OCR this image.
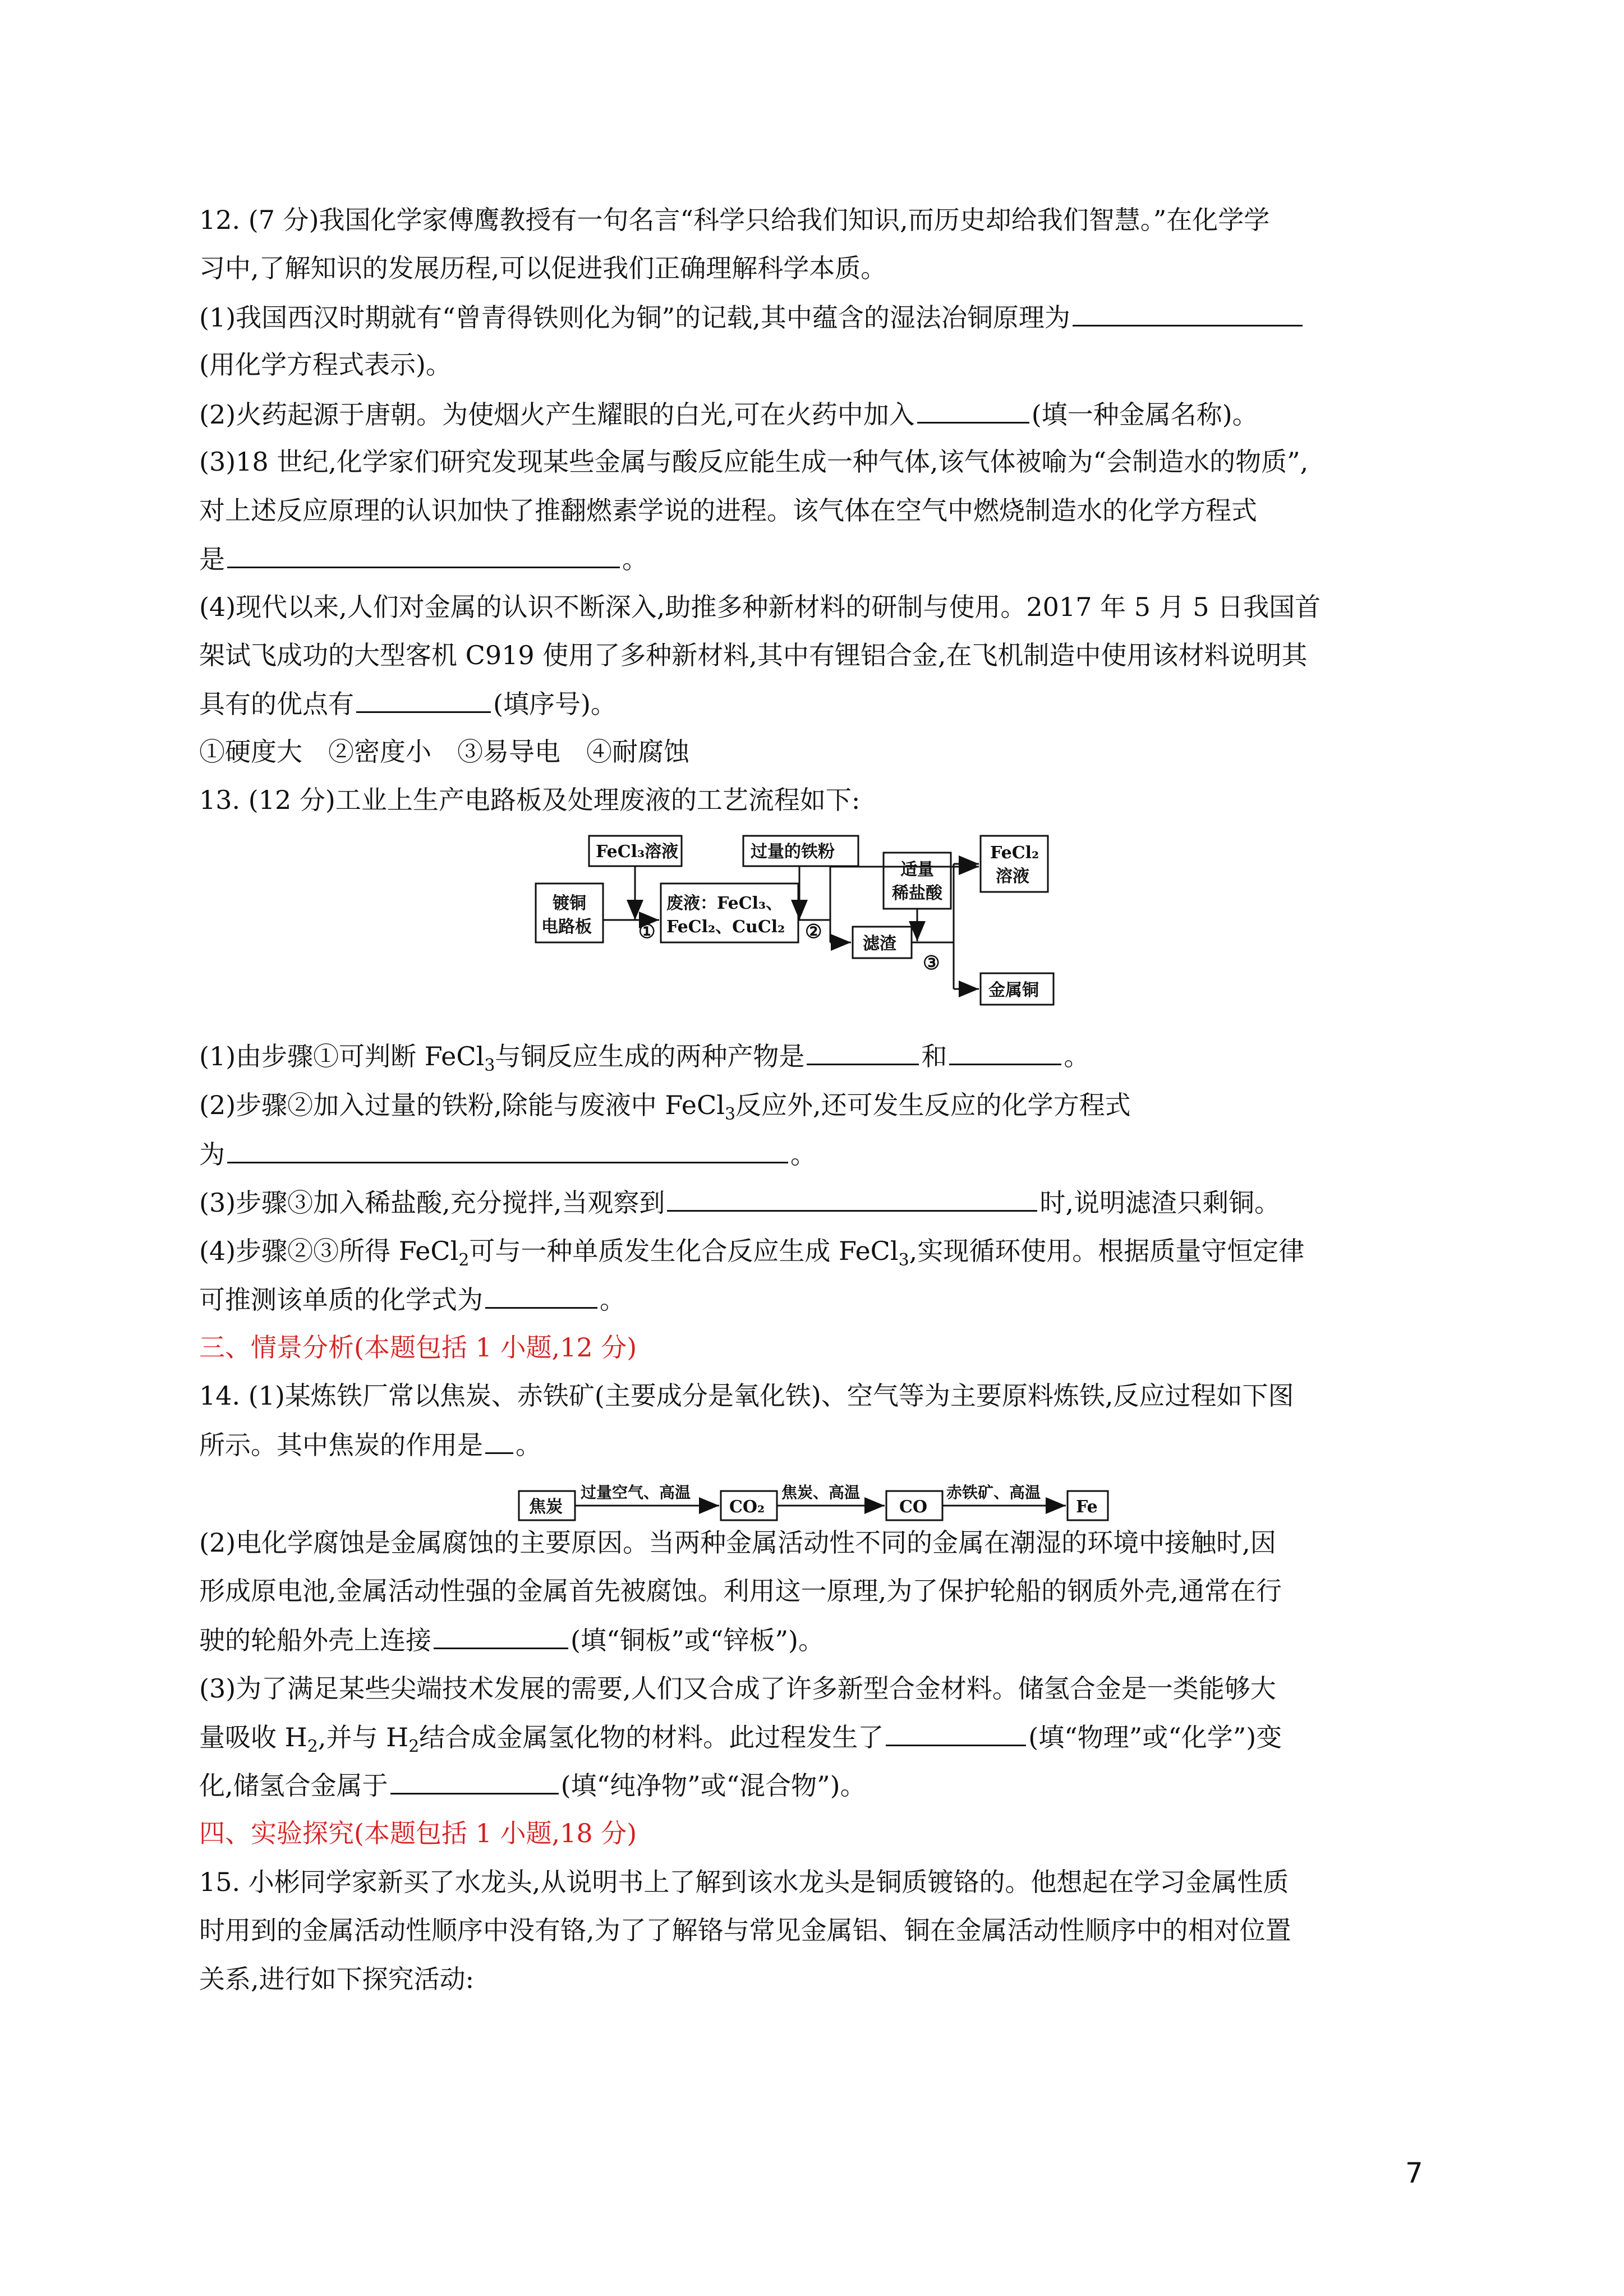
12. (7 分)我国化学家傅鹰教授有一句名言“科学只给我们知识,而历史却给我们智慧。”在化学学
习中,了解知识的发展历程,可以促进我们正确理解科学本质。
(1)我国西汉时期就有“曾青得铁则化为铜”的记载,其中蕴含的湿法冶铜原理为
(用化学方程式表示)。
(2)火药起源于唐朝。为使烟火产生耀眼的白光,可在火药中加入	(填一种金属名称)。
(3)18 世纪,化学家们研究发现某些金属与酸反应能生成一种气体,该气体被喻为“会制造水的物质”,
对上述反应原理的认识加快了推翻燃素学说的进程。该气体在空气中燃烧制造水的化学方程式
是	。
(4)现代以来,人们对金属的认识不断深入,助推多种新材料的研制与使用。2017 年 5 月 5 日我国首
架试飞成功的大型客机 C919 使用了多种新材料,其中有锂铝合金,在飞机制造中使用该材料说明其
具有的优点有	(填序号)。
①硬度大　②密度小　③易导电　④耐腐蚀
13. (12 分)工业上生产电路板及处理废液的工艺流程如下:
FeCl₃溶液	过量的铁粉
镀铜
电路板 ①
废液：FeCl₃、
FeCl₂、CuCl₂ ②
适量
稀盐酸
FeCl₂
溶液
滤渣
③
金属铜
(1)由步骤①可判断 FeCl$_3$与铜反应生成的两种产物是	和	。
(2)步骤②加入过量的铁粉,除能与废液中 FeCl$_3$反应外,还可发生反应的化学方程式
为	。
(3)步骤③加入稀盐酸,充分搅拌,当观察到	时,说明滤渣只剩铜。
(4)步骤②③所得 FeCl$_2$可与一种单质发生化合反应生成 FeCl$_3$,实现循环使用。根据质量守恒定律
可推测该单质的化学式为	。
三、情景分析(本题包括 1 小题,12 分)
14. (1)某炼铁厂常以焦炭、赤铁矿(主要成分是氧化铁)、空气等为主要原料炼铁,反应过程如下图
所示。其中焦炭的作用是 。
焦炭
过量空气、高温
CO₂
焦炭、高温
CO
赤铁矿、高温
Fe
(2)电化学腐蚀是金属腐蚀的主要原因。当两种金属活动性不同的金属在潮湿的环境中接触时,因
形成原电池,金属活动性强的金属首先被腐蚀。利用这一原理,为了保护轮船的钢质外壳,通常在行
驶的轮船外壳上连接	(填“铜板”或“锌板”)。
(3)为了满足某些尖端技术发展的需要,人们又合成了许多新型合金材料。储氢合金是一类能够大
量吸收 $H_2$,并与 $H_2$结合成金属氢化物的材料。此过程发生了	(填“物理”或“化学”)变
化,储氢合金属于	(填“纯净物”或“混合物”)。
四、实验探究(本题包括 1 小题,18 分)
15. 小彬同学家新买了水龙头,从说明书上了解到该水龙头是铜质镀铬的。他想起在学习金属性质
时用到的金属活动性顺序中没有铬,为了了解铬与常见金属铝、铜在金属活动性顺序中的相对位置
关系,进行如下探究活动:
7
